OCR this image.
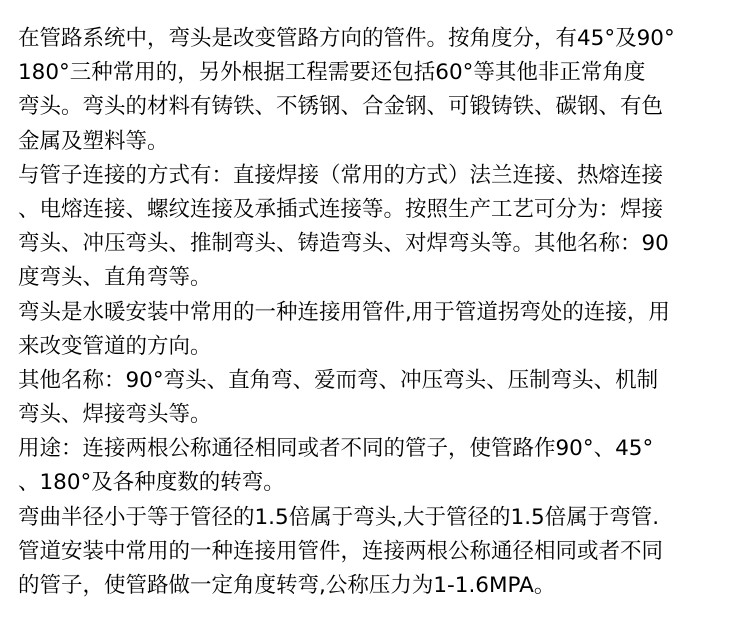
在管路系统中，弯头是改变管路方向的管件。按角度分，有45°及90°
180°三种常用的，另外根据工程需要还包括60°等其他非正常角度
弯头。弯头的材料有铸铁、不锈钢、合金钢、可锻铸铁、碳钢、有色
金属及塑料等。
与管子连接的方式有：直接焊接（常用的方式）法兰连接、热熔连接
、电熔连接、螺纹连接及承插式连接等。按照生产工艺可分为：焊接
弯头、冲压弯头、推制弯头、铸造弯头、对焊弯头等。其他名称：90
度弯头、直角弯等。
弯头是水暖安装中常用的一种连接用管件,用于管道拐弯处的连接，用
来改变管道的方向。
其他名称：90°弯头、直角弯、爱而弯、冲压弯头、压制弯头、机制
弯头、焊接弯头等。
用途：连接两根公称通径相同或者不同的管子，使管路作90°、45°
、180°及各种度数的转弯。
弯曲半径小于等于管径的1.5倍属于弯头,大于管径的1.5倍属于弯管.
管道安装中常用的一种连接用管件，连接两根公称通径相同或者不同
的管子，使管路做一定角度转弯,公称压力为1-1.6MPA。
